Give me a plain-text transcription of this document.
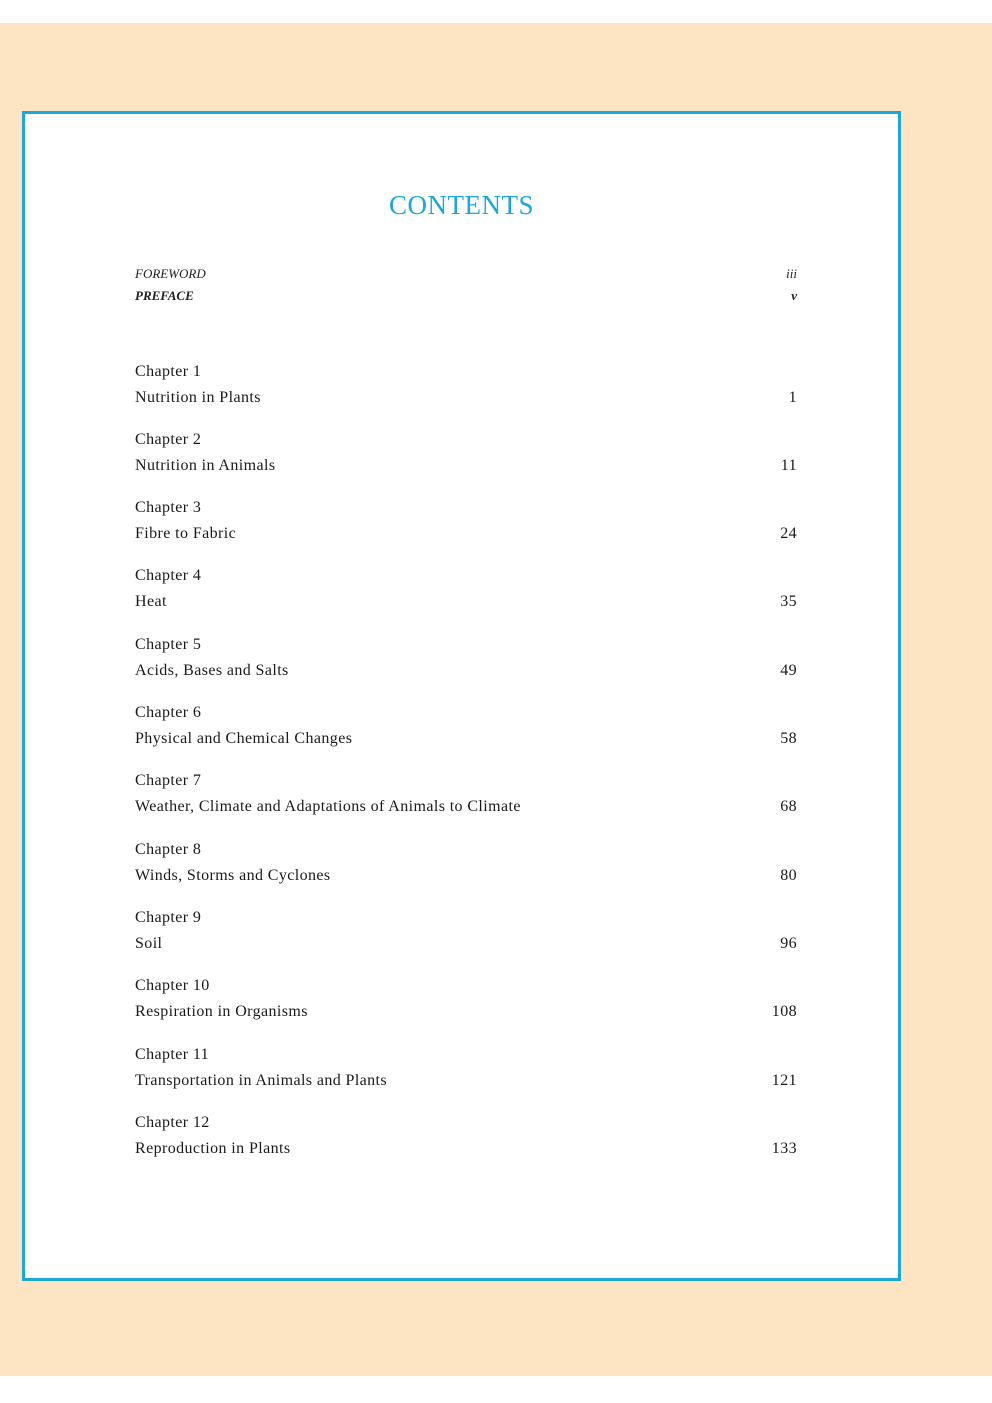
CONTENTS
FOREWORD	iii
PREFACE	v
Chapter 1
Nutrition in Plants	1
Chapter 2
Nutrition in Animals	11
Chapter 3
Fibre to Fabric	24
Chapter 4
Heat	35
Chapter 5
Acids, Bases and Salts	49
Chapter 6
Physical and Chemical Changes	58
Chapter 7
Weather, Climate and Adaptations of Animals to Climate	68
Chapter 8
Winds, Storms and Cyclones	80
Chapter 9
Soil	96
Chapter 10
Respiration in Organisms	108
Chapter 11
Transportation in Animals and Plants	121
Chapter 12
Reproduction in Plants	133
